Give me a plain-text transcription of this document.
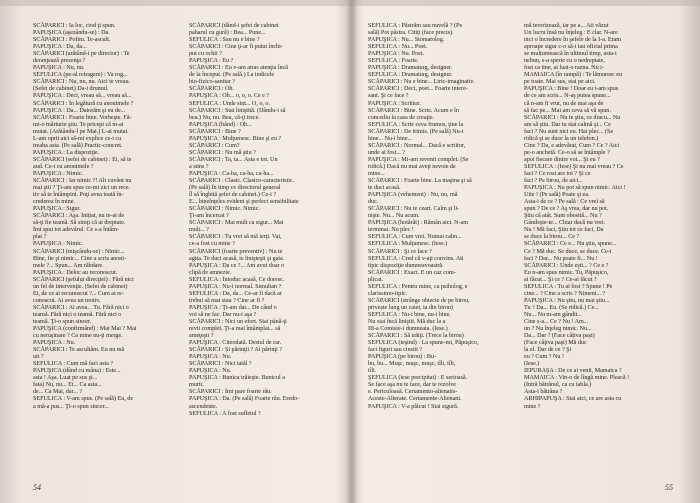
SCĂPARICI : Ia loc, ciod ţi spun.
PAPUŞICA (aşezându-se) : Da.
SCĂPARICI : Pofim. Te-ascult.
PAPUŞICA : Da, da...
SCĂPARICI (arătând-i pe director) : Te
deranjează prezenţa ?
PAPUŞICA : Nu, nu.
SEFULICA (pe-al retragere) : Va rog...
SCĂPARICI : Nu, nu, nu. Aici te vreau.
(Sefei de cabinet) Da-i drumul.
PAPUŞICA : Deci, vreau să... vreau să...
SCĂPARICI : În legătură cu anonimele ?
PAPUŞICA : Da... Datorăm şi eu de...
SCĂPARICI : Foarte bine. Vorbeşte. Fă-
mi-o mărturie ştiu. Te pricepi că m-ai
mutat. (Arătându-l pe Mai.) L-ai mutat.
L-am oprit aici să-mi explice ce-i cu
treaba asta. (Pe sală) Practic-concret.
PAPUŞICA : La dispoziţie.
SCĂPARICI (sefei de cabinet) : Ei, să te
aud. Ce-i cu anonimele ?
PAPUŞICA : Nimic.
SCĂPARICI : Iar nimic ?! Alt cuvânt nu
mai ştii ? Ţi-am spus ce-mi zici un rece.
tiv să te întâmpini. Poţi avea toată în-
crederea în mine.
PAPUŞICA : Sigur.
SCĂPARICI : Aşa. Inițiat, nu te-ai de
să-ţi fie teamă. Să simţi că ai dreptate.
Îmi spui tot adevărul. Ce s-a întâm-
plat ?
PAPUŞICA : Nimic.
SCĂPARICI (mişcându-se) : Nimic...
Bine, fie şi nimic... Cine a scris anoni-
mele ?... Spun... Am răbdare.
PAPUŞICA : Deloc au reconoscut.
SCĂPARICI (şefului direcţiei) : Fără nici
un fel de intervenţie. (Sefei de cabinet)
Ei, de ce ai recunoscut ?... Cum ai re-
cunoscut. Ai avea un motiv.
SCĂPARICI : Ai avea... Tu. Fără nici o
teamă. Fără nici o teamă. Fără nici o
teamă. Ţi-o spun sincer.
PAPUŞICA (confirmând) : Mai Mai ? Mai
cu neruşinare ? Ca mine nu-ţi merge.
PAPUŞICA : Nu.
SCĂPARICI : Te ascultăm. Eu nu mă
uit ?
SEFULICA : Cum mă faci asta ?
PAPUŞICA (dând cu mâna) : Este...
asta ! Aşa. Luat pe sus şi...
fata) Nu, nu... Ei... Ca asta...
de... Ca Mai, dar... ?
SEFULICA : V-am spus. (Pe sală) Eu, de
a mă-a pus... Ţi-o spun sincer...
SCĂPARICI (dând-i şefei de cabinet
paharul cu gură) : Bea... Pune...
SEFULICA : Sau nu e bine ?
SCĂPARICI : Cine ţi-ar fi putut închi-
put cu ochii ?
PAPUŞICA : Eu ?
SCĂPARICI : Eu v-am atras atenţia încă
de la început. (Pe sală.) La indicele
bio-fizico-sanitar ?
SCĂPARICI : Oh.
PAPUŞICA : Oh... o, o, o. Ce e ?
SEFULICA : Unde sint... O, o, o.
SCĂPARICI : Stai liniştită. (Dându-i să
bea.) Nu, nu. Bea, că-ţi trece.
PAPUŞICA (bând) : Oh...
SCĂPARICI : Bine ?
PAPUŞICA : Mulţumesc. Bine şi eu ?
SCĂPARICI : Cum?
SCĂPARICI : Nu mă ştiu ?
SCĂPARICI : Ta, ta... Asta e tot. Un
a stins ?
PAPUŞICA : Ca-ha, ca-ha, ca-ha...
SCĂPARICI : Clasic. Clasico-caracteristic.
(Pe sală) În timp ce directorul general
îl să înghită şefei de cabinet.) Ce-i ?
E... bineînţeles evident şi perfect sensibilitate
SCĂPARICI : Nimic. Nimic.
Ţi-am încercat ?
SCĂPARICI : Mai mult ca sigur... Mai
mult... ?
SCĂPARICI : Tu vrei să mă ierţi. Vai,
ce-a fost cu mine ?
SCĂPARICI (foarte preventiv) : Nu te
agita. Te duci acasă, te linişteşti şi gata.
PAPUŞICA : Da ce ?... Am avut doar o
clipă de amnezie.
SEFULICA : Întoduc acasă, Ce doresc.
PAPUŞICA : Nu-i normal. Simultan ?
SEFULICA : Da, da... Ce-ar fi dacă ar
trebui să mai stau ? Cine ar fi ?
PAPUŞICA : Ţi-am dat... De când o
voi să ne fac. Dar nu-i aşa ?
SCĂPARICI : Nici un efort. Stai până-ţi
revii complet. Ţi-a mai întâmplat... să
ameţeşti ?
PAPUŞICA : Citeodată. Destul de rar.
SCĂPARICI : Și părinţii ? Ai părinţi ?
PAPUŞICA : Nu.
SCĂPARICI : Nici tatăl ?
PAPUŞICA : Nu.
PAPUŞICA : Bunica trăieşte. Bunicul a
murit.
SCĂPARICI : Îmi pare foarte rău.
PAPUŞICA : Da. (Pe sală) Foarte rău. Eredo-
ascendente.
SEFULICA : A fost sufletul ?
54
SEFULICA : Păstrăm sau nuvelă ? (Pe
sală) Pot păstra. Citiţi (face precis).
PAPUŞICA : Nu... Stomatolog.
SEFULICA : Nu... Poet.
PAPUŞICA : Nu. Poet.
SEFULICA : Foarte.
PAPUŞICA : Dramaturg, designer.
SEFULICA : Dramaturg, designer.
SCĂPARICI : Nu e bine... Liric-imaginativ.
SCĂPARICI : Deci, poet... Foarte intere-
sant. Şi ce face ?
PAPUŞICA : Scriitor.
SCĂPARICI : Bine. Scrie. Acum e în
concediu la casa de creaţie.
SEFULICA : Scrie ceva frumos, ţine la
SCĂPARICI : De trimis. (Pe sală) Nu-i
bine... Nu-i bine...
SCĂPARICI : Normal... Dacă e scriitor,
unde ai fost... ?
PAPUŞICA : Mi-am revenit complet. (Se
ridică.) Dacă nu mai aveţi nevoie de
mine...
SCĂPARICI : Foarte bine. La maşina şi să
te duci acasă.
PAPUŞICA (vehement) : Nu, nu, mă
duc.
SCĂPARICI : Nu te ceart. Calm şi li-
nişte. Nu... Nu acum.
PAPUŞICA (hotărât) : Rămân aici. N-am
terminat. Nu plec !
SEFULICA : Cum vrei. Numai calm...
SEFULICA : Mulţumesc. (Iese.)
SCĂPARICI : Şi ce face ?
SEFULICA : Cred că v-aţi convins. Ati
tipic dispoziţie dumneavoastră.
SCĂPARICI : Exact. E un caz com-
plicat.
SEFULICA : Pentru mine, ca psiholog, e
clarissimo-tipic.
SCĂPARICI (strânge obiecte de pe birou,
privește lung un caiet, ia din birou)
SEFULICA : Nu-i bine, nu-i bine.
Nu stai încă liniştit. Mă duc la a
III-a Comisie-i dumneata. (Iese.)
SCĂPARICI : Să trăiţi. (Trece la birou)
SEFULICA (ieşind) : La spune-mi, Păpuşico,
faci figuri sau cinstit ?
PAPUŞICA (pe birou) : Bu-
bu, bu... Muşc, muşc, muşc, tîli, tîli,
tîli.
ŞEFULICA (iese precipitat) : E serioasă.
Se face aşa nu te face, dar te rezolve
e. Periculoasă. Certamento-alienatis-
Aceste-Alterate. Certamente-Alienant.
PAPUŞICA : V-a plăcut ! Stai sigură.
mă terorizează, iar pe a... Ati văzut
Un lucru însă nu înţeleg : E clar. N-are
nici o încredere în şefele de la I-a. Eram
aproape sigur c-o să-i iau oficial prima
se mulțumească în ultimul timp, asta-i
nebun, s-a sperie cu o nedreptate,
fost ca tine, ai luat-o razna. Nu i-
MAMAICA (în rampă) : Te lămuresc eu
pe toate. Mai sus, stai pe aici.
PAPUŞICA : Bine ! Doar eu i-am spus
de ce am scris... N-aş putea spune...
că n-am fi vrut, nu de mai aşa de
să fac pe... Mai am ceva să vă spun.
SCĂPARICI : Nu te ştiu, ce dracu... Nu
am să ştiu. Dar tu stai calmă şi... Ce
faci ? Nu sunt nici eu. Hai plec... (Se
ridică şi se duce la un telefon.)
Cine ? Da, e adevărat, Cum ? Ce ? Aici
pe-o anchetă. Ce-o să se întâmple ?
apoi fiecare dintre voi... Şi eu ?
SEFULICA : (Iese) Şi nu mai vreau ? Ce
faci ? Ce rost are tot ? Şi ce
faci ? Pe birou, de aici...
PAPUŞICA : Nu pot să spun nimic. Aici !
Uite ! (Pe sală) Poate şi ea.
Asta-i de ce ? Pe sală : Ce vrei să
spun ? De ce ? Aş vrea, dar nu pot.
Ştiu că atât. Sunt obosită... Nu ?
Gândeşte-te... Chiar dacă nu vrei.
Nu ! Mă faci, Ştiu tot ce faci, Da
se duce la birou... Ce ?
SCĂPARICI : Ce e... Nu ştiu, spune...
Ce ? Mă duc. Se duce, se duce. Ce-i
faci ? Dar... Nu poate fi... Nu !
SCĂPARICI : Unde eşti... ? Ce e ?
Eu n-am spus nimic. Tu, Păpuşico,
ai făcut... Şi ce ? Ce-ai făcut ?
SEFULICA : Tu ai fost ? Spune ! Pe
cine... ? Cine a scris ? Nimeni... ?
PAPUŞICA : Nu ştiu, nu mai ştiu...
Tu ? Da... Eu. (Se ridică.) Ce...
Nu... Nu m-am gândit...
Cine s-a... Ce ? Nu ! Am...
un ? Nu înţeleg nimic. Nu...
Da... Dar ? (Face câțiva pași)
(Face câţiva paşi) Mă duc
la el. Dar de ce ? Şi
eu ? Cum ? Nu !
(Iese.)
IEPURAŞA : De ce ai venit, Mamaica ?
MAMAICA : Vin-o de lîngă mine. Pleacă !
(Intră bătrânul, ca cu tabla.)
Asta-i bătrâna ?
ARHIPAPUŞA : Stai aici, ce are asta cu
mine ?
55
